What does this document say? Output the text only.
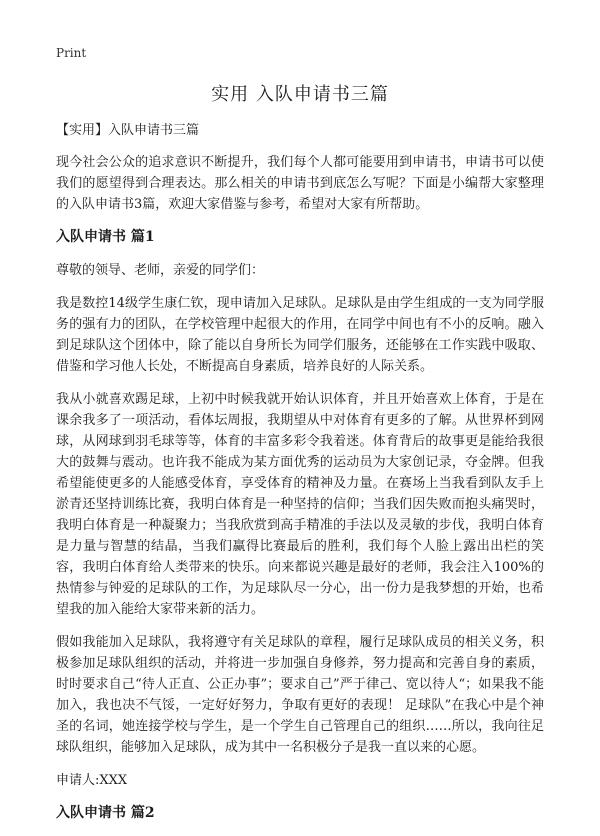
Print
实用 入队申请书三篇

【实用】入队申请书三篇

现今社会公众的追求意识不断提升，我们每个人都可能要用到申请书，申请书可以使我们的愿望得到合理表达。那么相关的申请书到底怎么写呢？下面是小编帮大家整理的入队申请书3篇，欢迎大家借鉴与参考，希望对大家有所帮助。

入队申请书 篇1

尊敬的领导、老师，亲爱的同学们：

我是数控14级学生康仁钦，现申请加入足球队。足球队是由学生组成的一支为同学服务的强有力的团队，在学校管理中起很大的作用，在同学中间也有不小的反响。融入到足球队这个团体中，除了能以自身所长为同学们服务，还能够在工作实践中吸取、借鉴和学习他人长处，不断提高自身素质，培养良好的人际关系。

我从小就喜欢踢足球，上初中时候我就开始认识体育，并且开始喜欢上体育，于是在课余我多了一项活动，看体坛周报，我期望从中对体育有更多的了解。从世界杯到网球，从网球到羽毛球等等，体育的丰富多彩令我着迷。体育背后的故事更是能给我很大的鼓舞与震动。也许我不能成为某方面优秀的运动员为大家创记录，夺金牌。但我希望能使更多的人能感受体育，享受体育的精神及力量。在赛场上当我看到队友手上淤青还坚持训练比赛，我明白体育是一种坚持的信仰；当我们因失败而抱头痛哭时，我明白体育是一种凝聚力；当我欣赏到高手精准的手法以及灵敏的步伐，我明白体育是力量与智慧的结晶，当我们赢得比赛最后的胜利，我们每个人脸上露出出栏的笑容，我明白体育给人类带来的快乐。向来都说兴趣是最好的老师，我会注入100%的热情参与钟爱的足球队的工作，为足球队尽一分心，出一份力是我梦想的开始，也希望我的加入能给大家带来新的活力。

假如我能加入足球队，我将遵守有关足球队的章程，履行足球队成员的相关义务，积极参加足球队组织的活动，并将进一步加强自身修养，努力提高和完善自身的素质，时时要求自己“待人正直、公正办事”；要求自己”严于律己、宽以待人“；如果我不能加入，我也决不气馁，一定好好努力，争取有更好的表现！ 足球队”在我心中是个神圣的名词，她连接学校与学生，是一个学生自己管理自己的组织……所以，我向往足球队组织，能够加入足球队，成为其中一名积极分子是我一直以来的心愿。

申请人:XXX

入队申请书 篇2
